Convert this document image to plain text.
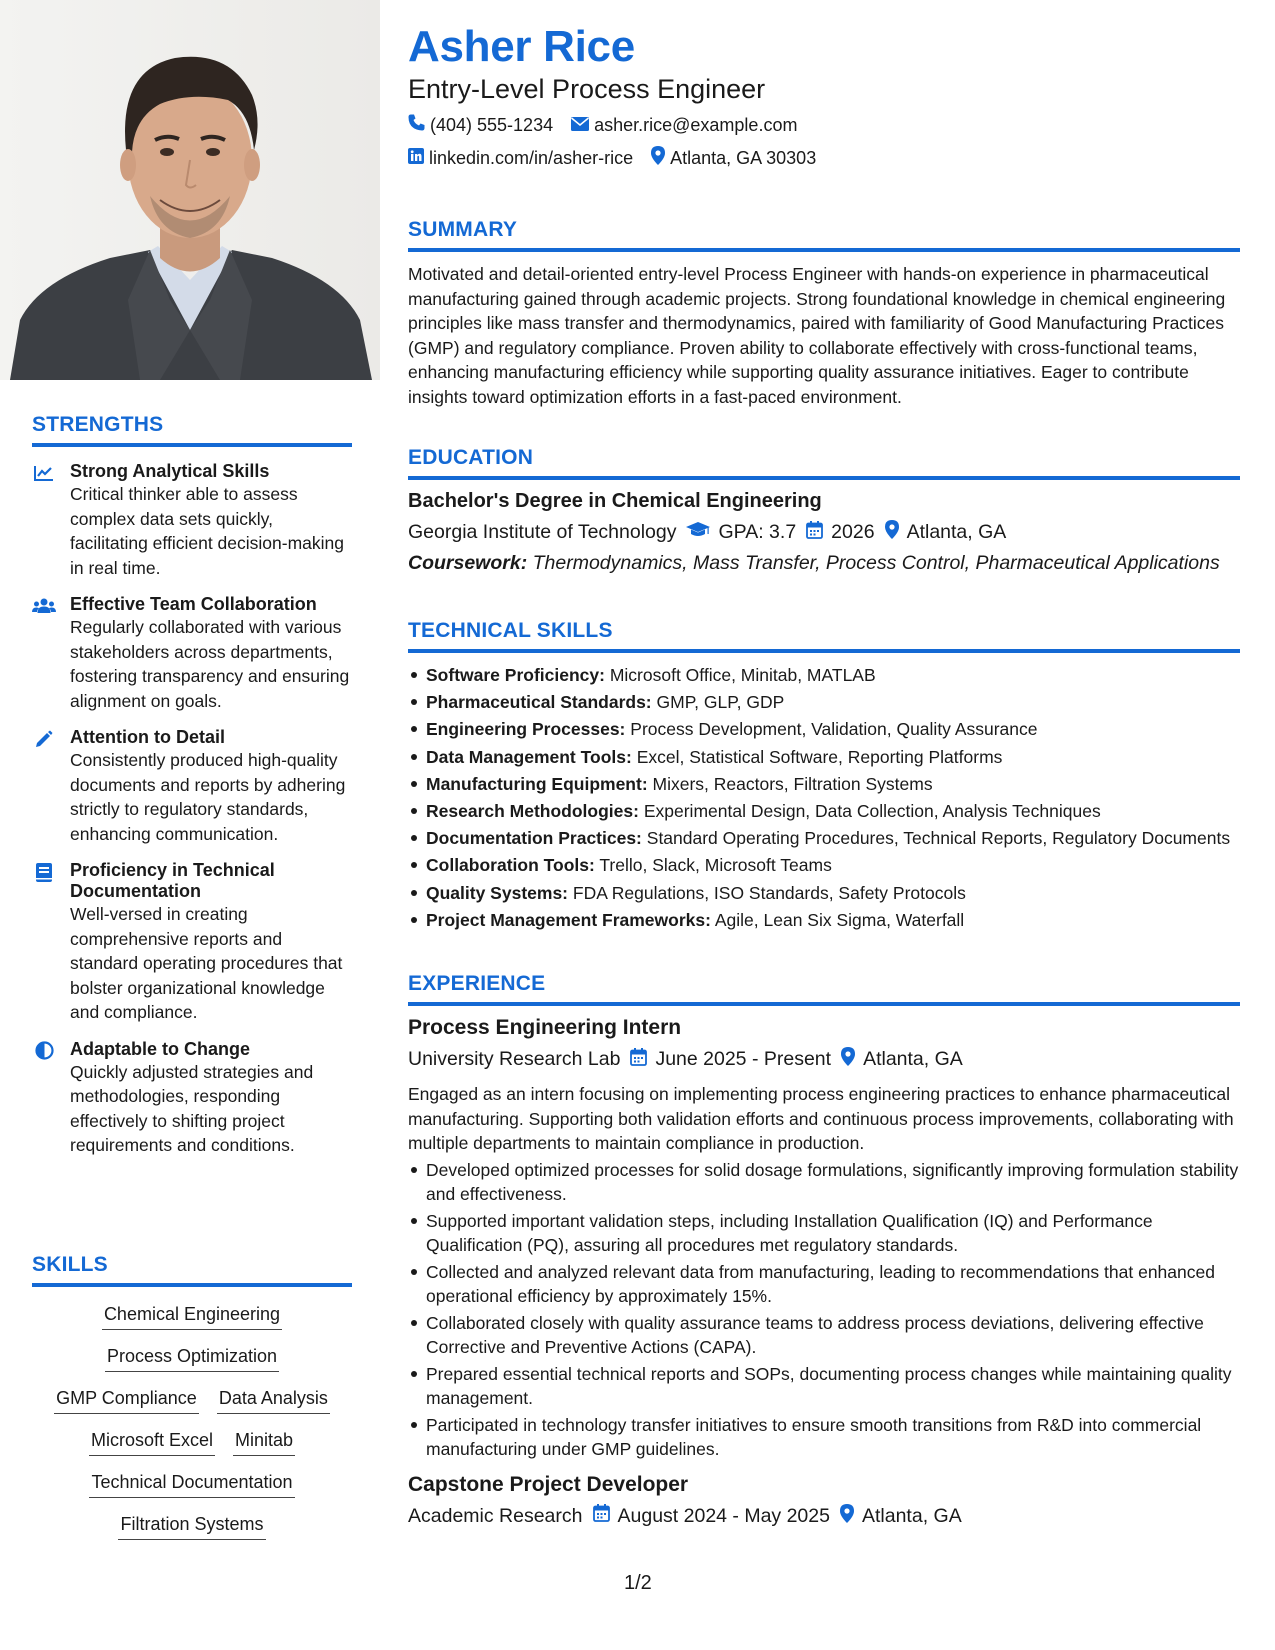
STRENGTHS
Strong Analytical Skills
Critical thinker able to assess complex data sets quickly, facilitating efficient decision-making in real time.
Effective Team Collaboration
Regularly collaborated with various stakeholders across departments, fostering transparency and ensuring alignment on goals.
Attention to Detail
Consistently produced high-quality documents and reports by adhering strictly to regulatory standards, enhancing communication.
Proficiency in Technical Documentation
Well-versed in creating comprehensive reports and standard operating procedures that bolster organizational knowledge and compliance.
Adaptable to Change
Quickly adjusted strategies and methodologies, responding effectively to shifting project requirements and conditions.
SKILLS
Chemical Engineering
Process Optimization
GMP Compliance Data Analysis
Microsoft Excel Minitab
Technical Documentation
Filtration Systems
Asher Rice
Entry-Level Process Engineer
(404) 555-1234 asher.rice@example.com
linkedin.com/in/asher-rice Atlanta, GA 30303
SUMMARY
Motivated and detail-oriented entry-level Process Engineer with hands-on experience in pharmaceutical manufacturing gained through academic projects. Strong foundational knowledge in chemical engineering principles like mass transfer and thermodynamics, paired with familiarity of Good Manufacturing Practices (GMP) and regulatory compliance. Proven ability to collaborate effectively with cross-functional teams, enhancing manufacturing efficiency while supporting quality assurance initiatives. Eager to contribute insights toward optimization efforts in a fast-paced environment.
EDUCATION
Bachelor's Degree in Chemical Engineering
Georgia Institute of Technology GPA: 3.7 2026 Atlanta, GA
Coursework: Thermodynamics, Mass Transfer, Process Control, Pharmaceutical Applications
TECHNICAL SKILLS
Software Proficiency: Microsoft Office, Minitab, MATLAB
Pharmaceutical Standards: GMP, GLP, GDP
Engineering Processes: Process Development, Validation, Quality Assurance
Data Management Tools: Excel, Statistical Software, Reporting Platforms
Manufacturing Equipment: Mixers, Reactors, Filtration Systems
Research Methodologies: Experimental Design, Data Collection, Analysis Techniques
Documentation Practices: Standard Operating Procedures, Technical Reports, Regulatory Documents
Collaboration Tools: Trello, Slack, Microsoft Teams
Quality Systems: FDA Regulations, ISO Standards, Safety Protocols
Project Management Frameworks: Agile, Lean Six Sigma, Waterfall
EXPERIENCE
Process Engineering Intern
University Research Lab June 2025 - Present Atlanta, GA
Engaged as an intern focusing on implementing process engineering practices to enhance pharmaceutical manufacturing. Supporting both validation efforts and continuous process improvements, collaborating with multiple departments to maintain compliance in production.
Developed optimized processes for solid dosage formulations, significantly improving formulation stability and effectiveness.
Supported important validation steps, including Installation Qualification (IQ) and Performance Qualification (PQ), assuring all procedures met regulatory standards.
Collected and analyzed relevant data from manufacturing, leading to recommendations that enhanced operational efficiency by approximately 15%.
Collaborated closely with quality assurance teams to address process deviations, delivering effective Corrective and Preventive Actions (CAPA).
Prepared essential technical reports and SOPs, documenting process changes while maintaining quality management.
Participated in technology transfer initiatives to ensure smooth transitions from R&D into commercial manufacturing under GMP guidelines.
Capstone Project Developer
Academic Research August 2024 - May 2025 Atlanta, GA
1/2
